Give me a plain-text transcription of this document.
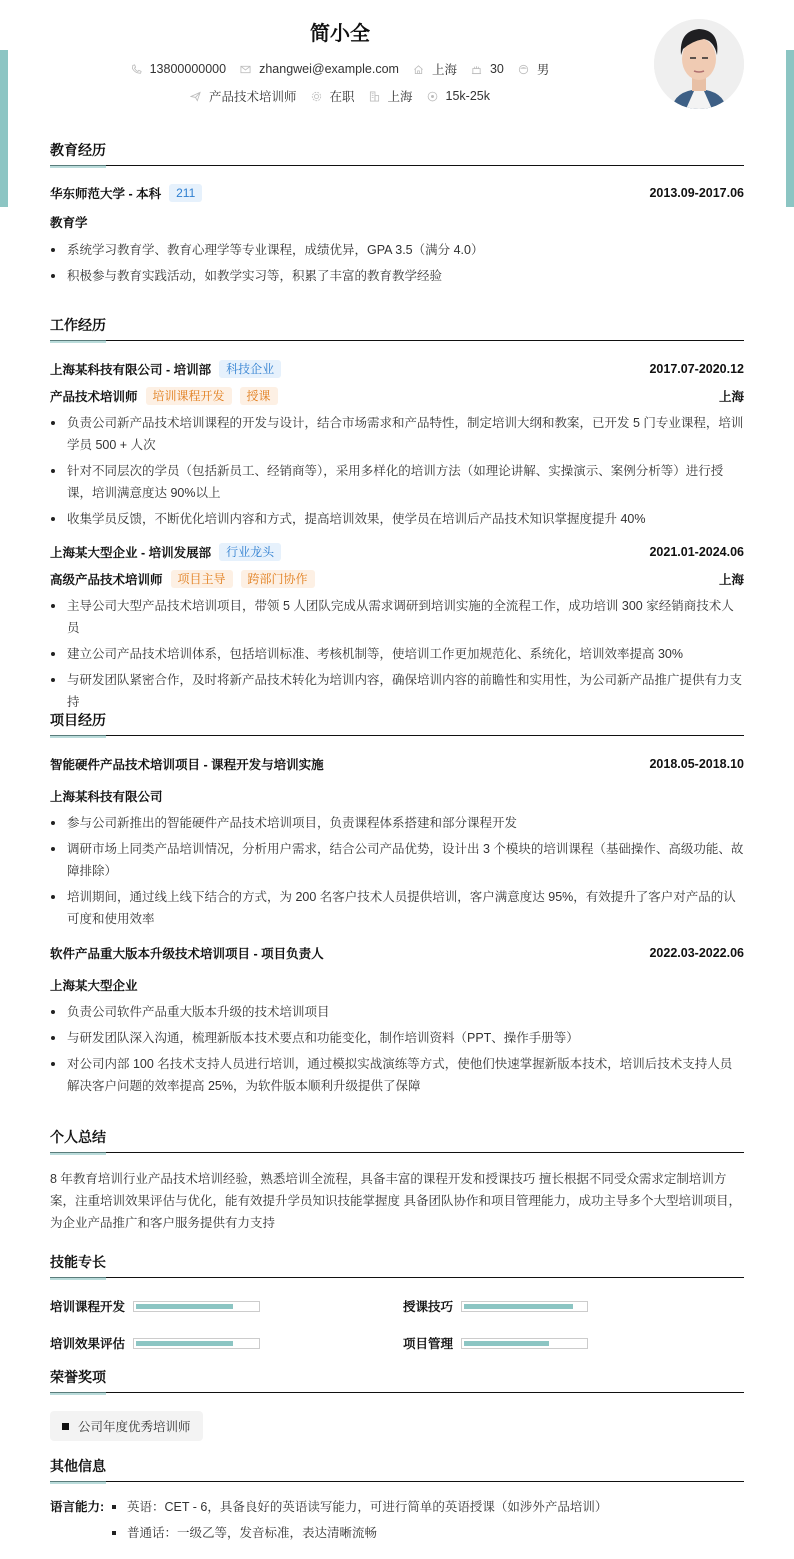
简小全
13800000000	zhangwei@example.com	上海	30	男
产品技术培训师	在职	上海	15k-25k
教育经历
华东师范大学 - 本科	211	2013.09-2017.06
教育学
系统学习教育学、教育心理学等专业课程，成绩优异，GPA 3.5（满分 4.0）
积极参与教育实践活动，如教学实习等，积累了丰富的教育教学经验
工作经历
上海某科技有限公司 - 培训部	科技企业	2017.07-2020.12
产品技术培训师	培训课程开发	授课	上海
负责公司新产品技术培训课程的开发与设计，结合市场需求和产品特性，制定培训大纲和教案，已开发 5 门专业课程，培训学员 500 + 人次
针对不同层次的学员（包括新员工、经销商等），采用多样化的培训方法（如理论讲解、实操演示、案例分析等）进行授课，培训满意度达 90%以上
收集学员反馈，不断优化培训内容和方式，提高培训效果，使学员在培训后产品技术知识掌握度提升 40%
上海某大型企业 - 培训发展部	行业龙头	2021.01-2024.06
高级产品技术培训师	项目主导	跨部门协作	上海
主导公司大型产品技术培训项目，带领 5 人团队完成从需求调研到培训实施的全流程工作，成功培训 300 家经销商技术人员
建立公司产品技术培训体系，包括培训标准、考核机制等，使培训工作更加规范化、系统化，培训效率提高 30%
与研发团队紧密合作，及时将新产品技术转化为培训内容，确保培训内容的前瞻性和实用性，为公司新产品推广提供有力支持
项目经历
智能硬件产品技术培训项目 - 课程开发与培训实施	2018.05-2018.10
上海某科技有限公司
参与公司新推出的智能硬件产品技术培训项目，负责课程体系搭建和部分课程开发
调研市场上同类产品培训情况，分析用户需求，结合公司产品优势，设计出 3 个模块的培训课程（基础操作、高级功能、故障排除）
培训期间，通过线上线下结合的方式，为 200 名客户技术人员提供培训，客户满意度达 95%，有效提升了客户对产品的认可度和使用效率
软件产品重大版本升级技术培训项目 - 项目负责人	2022.03-2022.06
上海某大型企业
负责公司软件产品重大版本升级的技术培训项目
与研发团队深入沟通，梳理新版本技术要点和功能变化，制作培训资料（PPT、操作手册等）
对公司内部 100 名技术支持人员进行培训，通过模拟实战演练等方式，使他们快速掌握新版本技术，培训后技术支持人员解决客户问题的效率提高 25%，为软件版本顺利升级提供了保障
个人总结
8 年教育培训行业产品技术培训经验，熟悉培训全流程，具备丰富的课程开发和授课技巧 擅长根据不同受众需求定制培训方案，注重培训效果评估与优化，能有效提升学员知识技能掌握度 具备团队协作和项目管理能力，成功主导多个大型培训项目，为企业产品推广和客户服务提供有力支持
技能专长
培训课程开发	授课技巧
培训效果评估	项目管理
荣誉奖项
公司年度优秀培训师
其他信息
语言能力:	英语：CET - 6，具备良好的英语读写能力，可进行简单的英语授课（如涉外产品培训）
普通话：一级乙等，发音标准，表达清晰流畅
